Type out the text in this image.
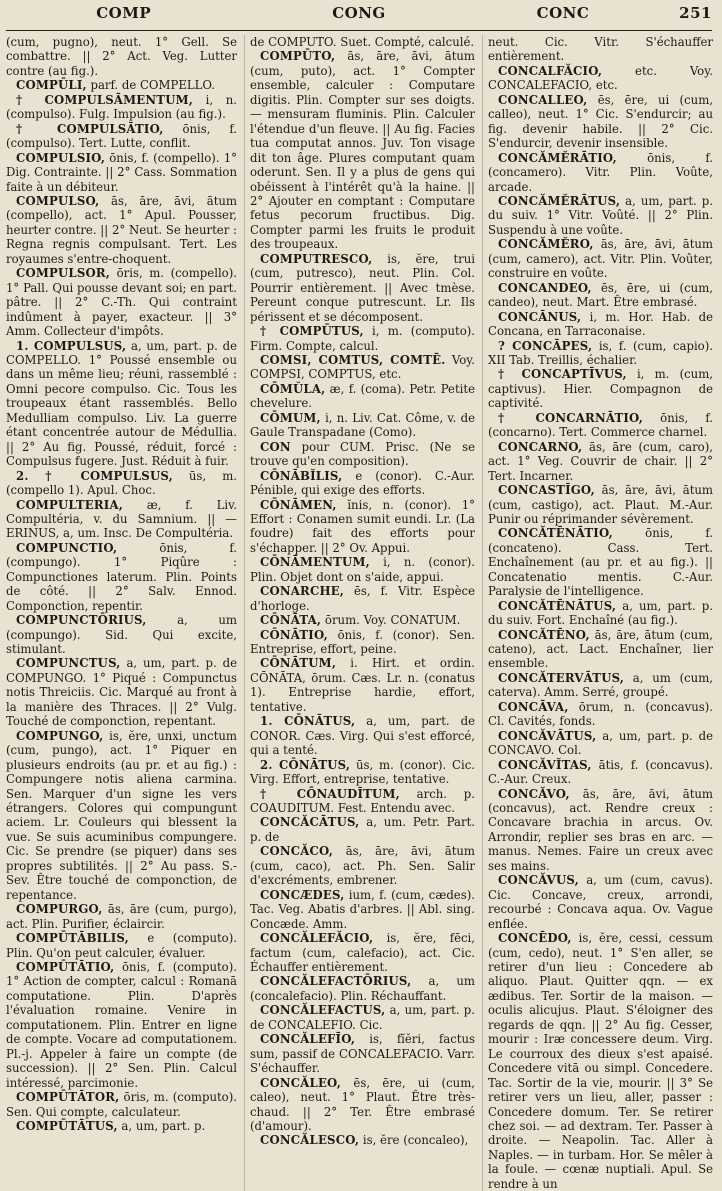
COMP	CONG	CONC	251

(cum, pugno), neut. 1° Gell. Se combattre. || 2° Act. Veg. Lutter contre (au fig.).

COMPŪLI, parf. de COMPELLO.

† COMPULSĀMENTUM, i, n. (compulso). Fulg. Impulsion (au fig.).

† COMPULSĀTIO, ōnis, f. (compulso). Tert. Lutte, conflit.

COMPULSIO, ōnis, f. (compello). 1° Dig. Contrainte. || 2° Cass. Sommation faite à un débiteur.

COMPULSO, ās, āre, āvi, ātum (compello), act. 1° Apul. Pousser, heurter contre. || 2° Neut. Se heurter : Regna regnis compulsant. Tert. Les royaumes s'entre-choquent.

COMPULSOR, ōris, m. (compello). 1° Pall. Qui pousse devant soi; en part. pâtre. || 2° C.-Th. Qui contraint indûment à payer, exacteur. || 3° Amm. Collecteur d'impôts.

1. COMPULSUS, a, um, part. p. de COMPELLO. 1° Poussé ensemble ou dans un même lieu; réuni, rassemblé : Omni pecore compulso. Cic. Tous les troupeaux étant rassemblés. Bello Medulliam compulso. Liv. La guerre étant concentrée autour de Médullia. || 2° Au fig. Poussé, réduit, forcé : Compulsus fugere. Just. Réduit à fuir.

2. † COMPULSUS, ūs, m. (compello 1). Apul. Choc.

COMPULTERIA, æ, f. Liv. Compultéria, v. du Samnium. || — ERINUS, a, um. Insc. De Compultéria.

COMPUNCTIO, ōnis, f. (compungo). 1° Piqûre : Compunctiones laterum. Plin. Points de côté. || 2° Salv. Ennod. Componction, repentir.

COMPUNCTŌRIUS, a, um (compungo). Sid. Qui excite, stimulant.

COMPUNCTUS, a, um, part. p. de COMPUNGO. 1° Piqué : Compunctus notis Threiciis. Cic. Marqué au front à la manière des Thraces. || 2° Vulg. Touché de componction, repentant.

COMPUNGO, is, ĕre, unxi, unctum (cum, pungo), act. 1° Piquer en plusieurs endroits (au pr. et au fig.) : Compungere notis aliena carmina. Sen. Marquer d'un signe les vers étrangers. Colores qui compungunt aciem. Lr. Couleurs qui blessent la vue. Se suis acuminibus compungere. Cic. Se prendre (se piquer) dans ses propres subtilités. || 2° Au pass. S.-Sev. Être touché de componction, de repentance.

COMPURGO, ās, āre (cum, purgo), act. Plin. Purifier, éclaircir.

COMPŪTĀBILIS, e (computo). Plin. Qu'on peut calculer, évaluer.

COMPŪTĀTIO, ōnis, f. (computo). 1° Action de compter, calcul : Romanā computatione. Plin. D'après l'évaluation romaine. Venire in computationem. Plin. Entrer en ligne de compte. Vocare ad computationem. Pl.-j. Appeler à faire un compte (de succession). || 2° Sen. Plin. Calcul intéressé, parcimonie.

COMPŪTĀTOR, ōris, m. (computo). Sen. Qui compte, calculateur.

COMPŪTĀTUS, a, um, part. p.

de COMPUTO. Suet. Compté, calculé.

COMPŪTO, ās, āre, āvi, ātum (cum, puto), act. 1° Compter ensemble, calculer : Computare digitis. Plin. Compter sur ses doigts. — mensuram fluminis. Plin. Calculer l'étendue d'un fleuve. || Au fig. Facies tua computat annos. Juv. Ton visage dit ton âge. Plures computant quam oderunt. Sen. Il y a plus de gens qui obéissent à l'intérêt qu'à la haine. || 2° Ajouter en comptant : Computare fetus pecorum fructibus. Dig. Compter parmi les fruits le produit des troupeaux.

COMPUTRESCO, is, ĕre, trui (cum, putresco), neut. Plin. Col. Pourrir entièrement. || Avec tmèse. Pereunt conque putrescunt. Lr. Ils périssent et se décomposent.

† COMPŪTUS, i, m. (computo). Firm. Compte, calcul.

COMSI, COMTUS, COMTĒ. Voy. COMPSI, COMPTUS, etc.

CŌMŬLA, æ, f. (coma). Petr. Petite chevelure.

CŌMUM, i, n. Liv. Cat. Côme, v. de Gaule Transpadane (Como).

CON pour CUM. Prisc. (Ne se trouve qu'en composition).

CŌNĀBĬLIS, e (conor). C.-Aur. Pénible, qui exige des efforts.

CŌNĀMEN, ĭnis, n. (conor). 1° Effort : Conamen sumit eundi. Lr. (La foudre) fait des efforts pour s'échapper. || 2° Ov. Appui.

CŌNĀMENTUM, i, n. (conor). Plin. Objet dont on s'aide, appui.

CONARCHE, ēs, f. Vitr. Espèce d'horloge.

CŌNĀTA, ōrum. Voy. CONATUM.

CŌNĀTIO, ōnis, f. (conor). Sen. Entreprise, effort, peine.

CŌNĀTUM, i. Hirt. et ordin. CŌNĀTA, ōrum. Cæs. Lr. n. (conatus 1). Entreprise hardie, effort, tentative.

1. CŌNĀTUS, a, um, part. de CONOR. Cæs. Virg. Qui s'est efforcé, qui a tenté.

2. CŌNĀTUS, ūs, m. (conor). Cic. Virg. Effort, entreprise, tentative.

† CŌNAUDĪTUM, arch. p. COAUDITUM. Fest. Entendu avec.

CONCĂCĀTUS, a, um. Petr. Part. p. de

CONCĂCO, ās, āre, āvi, ātum (cum, caco), act. Ph. Sen. Salir d'excréments, embrener.

CONCÆDES, ium, f. (cum, cædes). Tac. Veg. Abatis d'arbres. || Abl. sing. Concæde. Amm.

CONCĂLEFĂCIO, is, ĕre, fēci, factum (cum, calefacio), act. Cic. Échauffer entièrement.

CONCĂLEFACTŌRIUS, a, um (concalefacio). Plin. Réchauffant.

CONCĂLEFACTUS, a, um, part. p. de CONCALEFIO. Cic.

CONCĂLEFĪO, is, fĭĕri, factus sum, passif de CONCALEFACIO. Varr. S'échauffer.

CONCĂLEO, ēs, ēre, ui (cum, caleo), neut. 1° Plaut. Être très-chaud. || 2° Ter. Être embrasé (d'amour).

CONCĂLESCO, is, ĕre (concaleo),

neut. Cic. Vitr. S'échauffer entièrement.

CONCALFĂCIO, etc. Voy. CONCALEFACIO, etc.

CONCALLEO, ēs, ēre, ui (cum, calleo), neut. 1° Cic. S'endurcir; au fig. devenir habile. || 2° Cic. S'endurcir, devenir insensible.

CONCĂMĔRĀTIO, ōnis, f. (concamero). Vitr. Plin. Voûte, arcade.

CONCĂMĔRĀTUS, a, um, part. p. du suiv. 1° Vitr. Voûté. || 2° Plin. Suspendu à une voûte.

CONCĂMĔRO, ās, āre, āvi, ātum (cum, camero), act. Vitr. Plin. Voûter, construire en voûte.

CONCANDEO, ēs, ēre, ui (cum, candeo), neut. Mart. Être embrasé.

CONCĀNUS, i, m. Hor. Hab. de Concana, en Tarraconaise.

? CONCĀPES, is, f. (cum, capio). XII Tab. Treillis, échalier.

† CONCAPTĪVUS, i, m. (cum, captivus). Hier. Compagnon de captivité.

† CONCARNĀTIO, ōnis, f. (concarno). Tert. Commerce charnel.

CONCARNO, ās, āre (cum, caro), act. 1° Veg. Couvrir de chair. || 2° Tert. Incarner.

CONCASTĪGO, ās, āre, āvi, ātum (cum, castigo), act. Plaut. M.-Aur. Punir ou réprimander sévèrement.

CONCĂTĒNĀTIO, ōnis, f. (concateno). Cass. Tert. Enchaînement (au pr. et au fig.). || Concatenatio mentis. C.-Aur. Paralysie de l'intelligence.

CONCĂTĒNĀTUS, a, um, part. p. du suiv. Fort. Enchaîné (au fig.).

CONCĂTĒNO, ās, āre, ātum (cum, cateno), act. Lact. Enchaîner, lier ensemble.

CONCĂTERVĀTUS, a, um (cum, caterva). Amm. Serré, groupé.

CONCĀVA, ōrum, n. (concavus). Cl. Cavités, fonds.

CONCĂVĀTUS, a, um, part. p. de CONCAVO. Col.

CONCĂVĬTAS, ātis, f. (concavus). C.-Aur. Creux.

CONCĂVO, ās, āre, āvi, ātum (concavus), act. Rendre creux : Concavare brachia in arcus. Ov. Arrondir, replier ses bras en arc. — manus. Nemes. Faire un creux avec ses mains.

CONCĂVUS, a, um (cum, cavus). Cic. Concave, creux, arrondi, recourbé : Concava aqua. Ov. Vague enflée.

CONCĒDO, is, ĕre, cessi, cessum (cum, cedo), neut. 1° S'en aller, se retirer d'un lieu : Concedere ab aliquo. Plaut. Quitter qqn. — ex ædibus. Ter. Sortir de la maison. — oculis alicujus. Plaut. S'éloigner des regards de qqn. || 2° Au fig. Cesser, mourir : Iræ concessere deum. Virg. Le courroux des dieux s'est apaisé. Concedere vitā ou simpl. Concedere. Tac. Sortir de la vie, mourir. || 3° Se retirer vers un lieu, aller, passer : Concedere domum. Ter. Se retirer chez soi. — ad dextram. Ter. Passer à droite. — Neapolin. Tac. Aller à Naples. — in turbam. Hor. Se mêler à la foule. — cœnæ nuptiali. Apul. Se rendre à un
